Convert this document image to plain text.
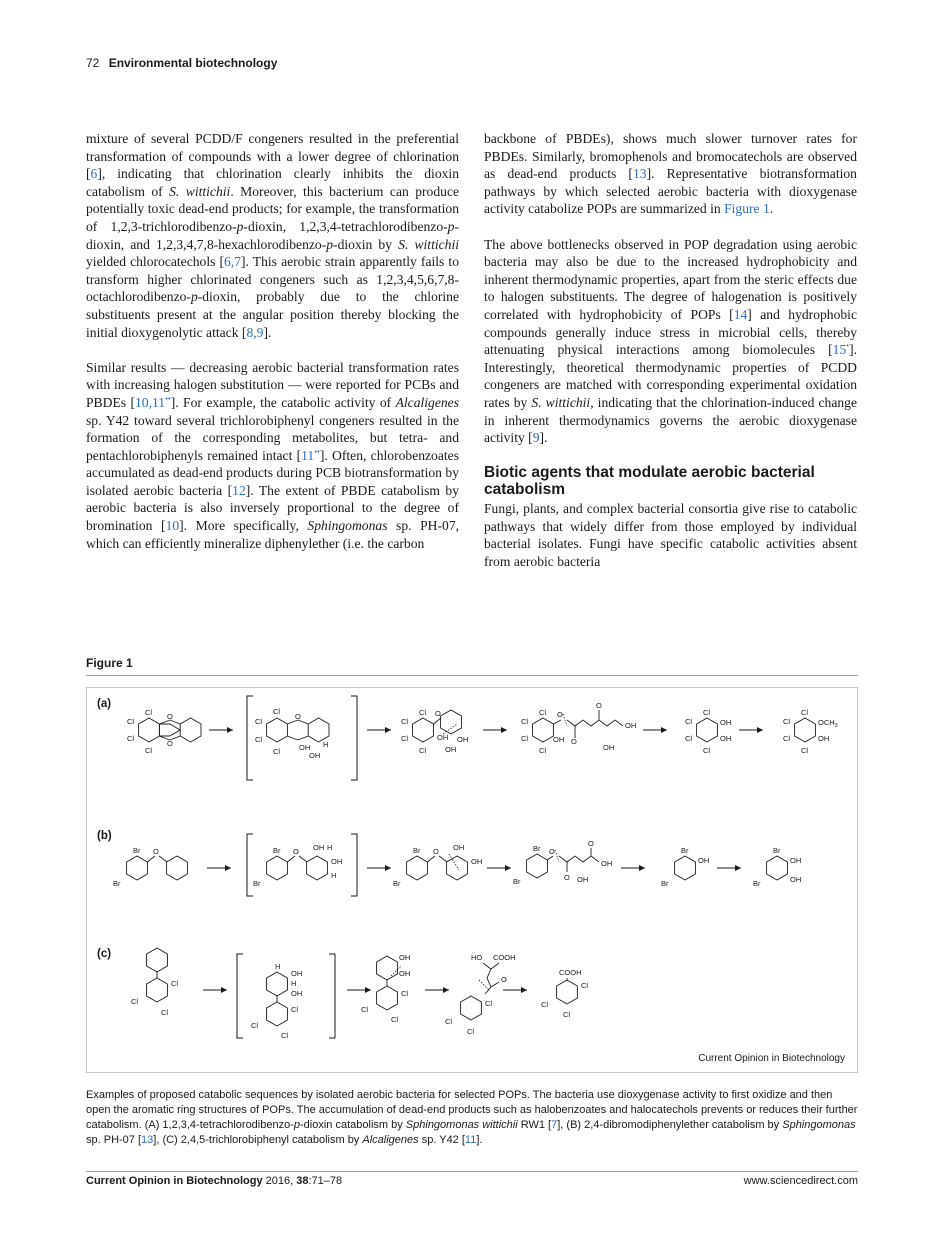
72 Environmental biotechnology

mixture of several PCDD/F congeners resulted in the preferential transformation of compounds with a lower degree of chlorination [6], indicating that chlorination clearly inhibits the dioxin catabolism of S. wittichii. Moreover, this bacterium can produce potentially toxic dead-end products; for example, the transformation of 1,2,3-trichlorodibenzo-p-dioxin, 1,2,3,4-tetrachlorodibenzo-p-dioxin, and 1,2,3,4,7,8-hexachlorodibenzo-p-dioxin by S. wittichii yielded chlorocatechols [6,7]. This aerobic strain apparently fails to transform higher chlorinated congeners such as 1,2,3,4,5,6,7,8-octachlorodibenzo-p-dioxin, probably due to the chlorine substituents present at the angular position thereby blocking the initial dioxygenolytic attack [8,9].

Similar results — decreasing aerobic bacterial transformation rates with increasing halogen substitution — were reported for PCBs and PBDEs [10,11••]. For example, the catabolic activity of Alcaligenes sp. Y42 toward several trichlorobiphenyl congeners resulted in the formation of the corresponding metabolites, but tetra- and pentachlorobiphenyls remained intact [11••]. Often, chlorobenzoates accumulated as dead-end products during PCB biotransformation by isolated aerobic bacteria [12]. The extent of PBDE catabolism by aerobic bacteria is also inversely proportional to the degree of bromination [10]. More specifically, Sphingomonas sp. PH-07, which can efficiently mineralize diphenylether (i.e. the carbon

backbone of PBDEs), shows much slower turnover rates for PBDEs. Similarly, bromophenols and bromocatechols are observed as dead-end products [13]. Representative biotransformation pathways by which selected aerobic bacteria with dioxygenase activity catabolize POPs are summarized in Figure 1.

The above bottlenecks observed in POP degradation using aerobic bacteria may also be due to the increased hydrophobicity and inherent thermodynamic properties, apart from the steric effects due to halogen substituents. The degree of halogenation is positively correlated with hydrophobicity of POPs [14] and hydrophobic compounds generally induce stress in microbial cells, thereby attenuating physical interactions among biomolecules [15•]. Interestingly, theoretical thermodynamic properties of PCDD congeners are matched with corresponding experimental oxidation rates by S. wittichii, indicating that the chlorination-induced change in inherent thermodynamics governs the aerobic dioxygenase activity [9].

Biotic agents that modulate aerobic bacterial catabolism

Fungi, plants, and complex bacterial consortia give rise to catabolic pathways that widely differ from those employed by individual bacterial isolates. Fungi have specific catabolic activities absent from aerobic bacteria

Figure 1
(a)
(b)
(c)
O
O
Cl
Cl
Cl
Cl
O
Cl
Cl
Cl
Cl	OH
OH
H
O
Cl
Cl
Cl
Cl
OH
OH
OH
O
O
O
OH
OH
Cl
Cl
Cl
Cl
OH
Cl
Cl
Cl
Cl
OH
OH
Cl
Cl
Cl
Cl
$OCH_3$
OH
O
Br
Br
O
Br
Br
OH H
OH
H
O
Br
Br
OH
OH
O
O
O
OH
OH
Br
Br
Br
OH
Br
Br
OH
OH
Br
Cl
Cl
Cl
H
OH
H
OH
Cl
Cl
Cl
OH
OH
Cl
Cl
Cl
HO COOH
O
Cl
Cl
Cl
COOH
Cl
Cl
Cl
Current Opinion in Biotechnology
Examples of proposed catabolic sequences by isolated aerobic bacteria for selected POPs. The bacteria use dioxygenase activity to first oxidize and then open the aromatic ring structures of POPs. The accumulation of dead-end products such as halobenzoates and halocatechols prevents or reduces their further catabolism. (A) 1,2,3,4-tetrachlorodibenzo-p-dioxin catabolism by Sphingomonas wittichii RW1 [7], (B) 2,4-dibromodiphenylether catabolism by Sphingomonas sp. PH-07 [13], (C) 2,4,5-trichlorobiphenyl catabolism by Alcaligenes sp. Y42 [11].
Current Opinion in Biotechnology 2016, 38:71–78	www.sciencedirect.com
